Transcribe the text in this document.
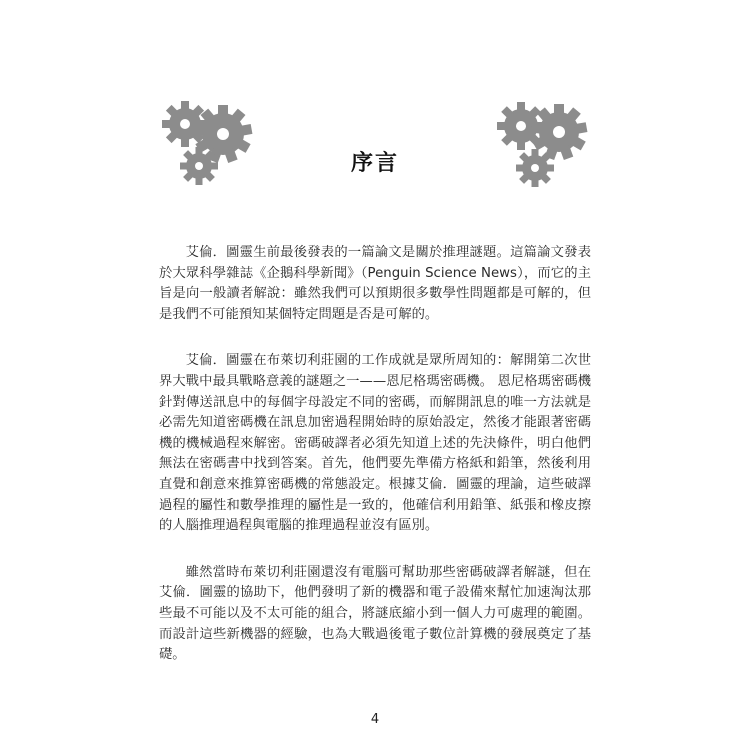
序言

艾倫．圖靈生前最後發表的一篇論文是關於推理謎題。這篇論文發表於大眾科學雜誌《企鵝科學新聞》（Penguin Science News），而它的主旨是向一般讀者解說：雖然我們可以預期很多數學性問題都是可解的，但是我們不可能預知某個特定問題是否是可解的。

艾倫．圖靈在布萊切利莊園的工作成就是眾所周知的：解開第二次世界大戰中最具戰略意義的謎題之一——恩尼格瑪密碼機。 恩尼格瑪密碼機針對傳送訊息中的每個字母設定不同的密碼，而解開訊息的唯一方法就是必需先知道密碼機在訊息加密過程開始時的原始設定，然後才能跟著密碼機的機械過程來解密。密碼破譯者必須先知道上述的先決條件，明白他們無法在密碼書中找到答案。首先，他們要先準備方格紙和鉛筆，然後利用直覺和創意來推算密碼機的常態設定。根據艾倫．圖靈的理論，這些破譯過程的屬性和數學推理的屬性是一致的，他確信利用鉛筆、紙張和橡皮擦的人腦推理過程與電腦的推理過程並沒有區別。

雖然當時布萊切利莊園還沒有電腦可幫助那些密碼破譯者解謎，但在艾倫．圖靈的協助下，他們發明了新的機器和電子設備來幫忙加速淘汰那些最不可能以及不太可能的組合，將謎底縮小到一個人力可處理的範圍。而設計這些新機器的經驗，也為大戰過後電子數位計算機的發展奠定了基礎。

4
